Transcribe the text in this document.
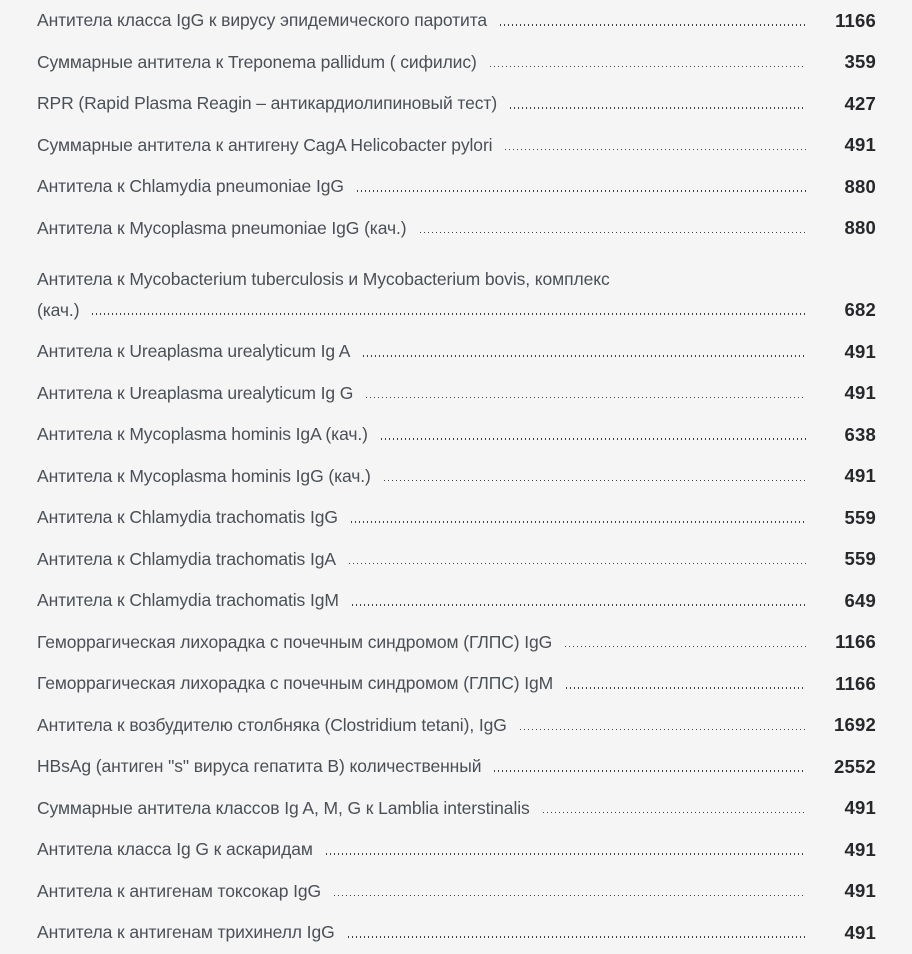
Антитела класса IgG к вирусу эпидемического паротита	1166
Суммарные антитела к Treponema pallidum ( сифилис)	359
RPR (Rapid Plasma Reagin – антикардиолипиновый тест)	427
Суммарные антитела к антигену CagA Helicobacter pylori	491
Антитела к Chlamydia pneumoniae IgG	880
Антитела к Mycoplasma pneumoniae IgG (кач.)	880
Антитела к Mycobacterium tuberculosis и Mycobacterium bovis, комплекс
(кач.)	682
Антитела к Ureaplasma urealyticum Ig A	491
Антитела к Ureaplasma urealyticum Ig G	491
Антитела к Mycoplasma hominis IgA (кач.)	638
Антитела к Mycoplasma hominis IgG (кач.)	491
Антитела к Chlamydia trachomatis IgG	559
Антитела к Chlamydia trachomatis IgA	559
Антитела к Chlamydia trachomatis IgM	649
Геморрагическая лихорадка с почечным синдромом (ГЛПС) IgG	1166
Геморрагическая лихорадка с почечным синдромом (ГЛПС) IgM	1166
Антитела к возбудителю столбняка (Clostridium tetani), IgG	1692
HBsAg (антиген "s" вируса гепатита В) количественный	2552
Суммарные антитела классов Ig A, M, G к Lamblia interstinalis	491
Антитела класса Ig G к аскаридам	491
Антитела к антигенам токсокар IgG	491
Антитела к антигенам трихинелл IgG	491
